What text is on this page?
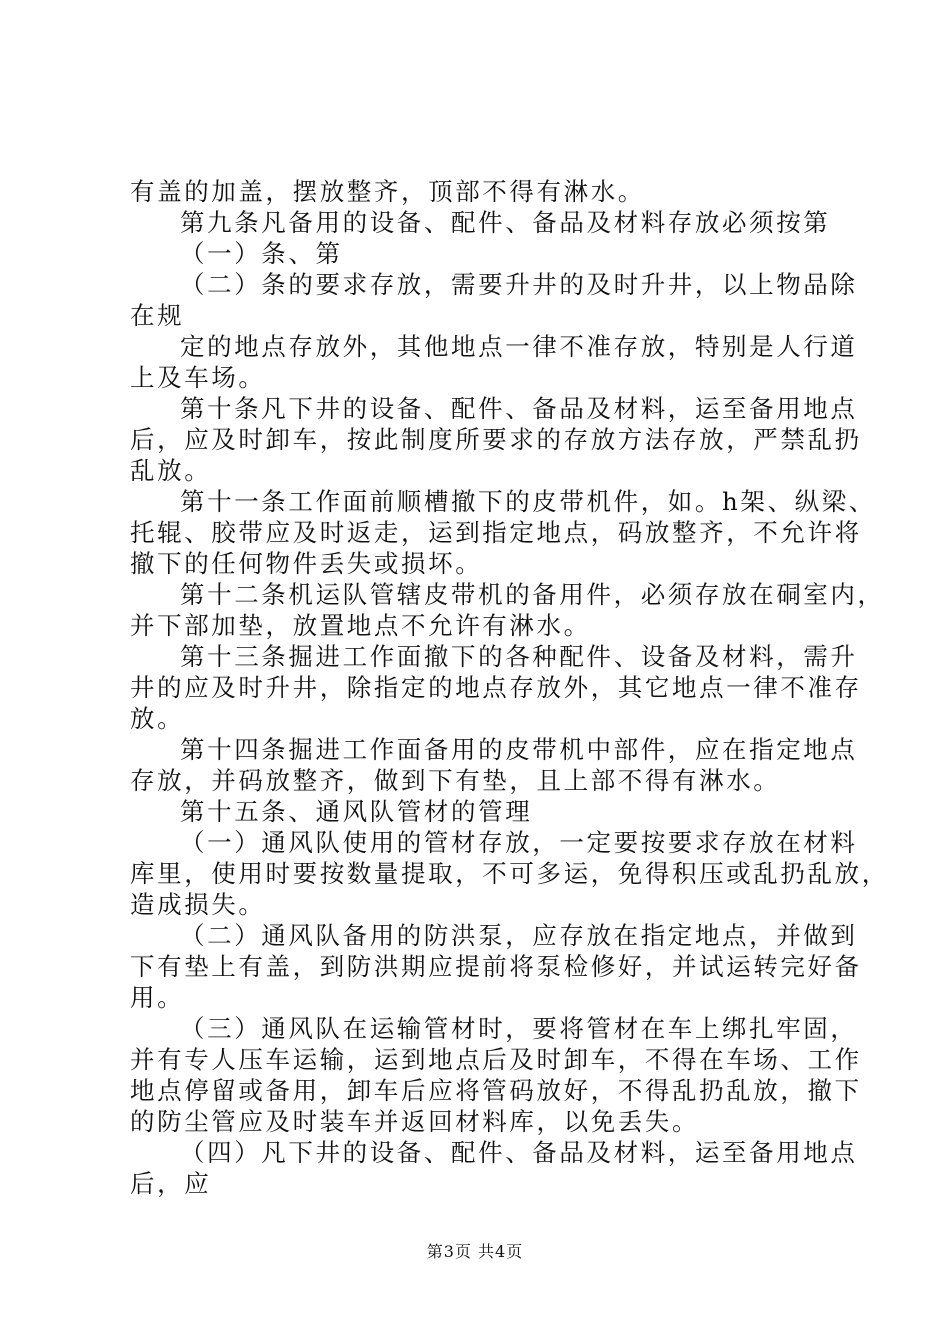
有盖的加盖，摆放整齐，顶部不得有淋水。
第九条凡备用的设备、配件、备品及材料存放必须按第
（一）条、第
（二）条的要求存放，需要升井的及时升井，以上物品除
在规
定的地点存放外，其他地点一律不准存放，特别是人行道
上及车场。
第十条凡下井的设备、配件、备品及材料，运至备用地点
后，应及时卸车，按此制度所要求的存放方法存放，严禁乱扔
乱放。
第十一条工作面前顺槽撤下的皮带机件，如。h架、纵梁、
托辊、胶带应及时返走，运到指定地点，码放整齐，不允许将
撤下的任何物件丢失或损坏。
第十二条机运队管辖皮带机的备用件，必须存放在硐室内，
并下部加垫，放置地点不允许有淋水。
第十三条掘进工作面撤下的各种配件、设备及材料，需升
井的应及时升井，除指定的地点存放外，其它地点一律不准存
放。
第十四条掘进工作面备用的皮带机中部件，应在指定地点
存放，并码放整齐，做到下有垫，且上部不得有淋水。
第十五条、通风队管材的管理
（一）通风队使用的管材存放，一定要按要求存放在材料
库里，使用时要按数量提取，不可多运，免得积压或乱扔乱放，
造成损失。
（二）通风队备用的防洪泵，应存放在指定地点，并做到
下有垫上有盖，到防洪期应提前将泵检修好，并试运转完好备
用。
（三）通风队在运输管材时，要将管材在车上绑扎牢固，
并有专人压车运输，运到地点后及时卸车，不得在车场、工作
地点停留或备用，卸车后应将管码放好，不得乱扔乱放，撤下
的防尘管应及时装车并返回材料库，以免丢失。
（四）凡下井的设备、配件、备品及材料，运至备用地点
后，应
第3页 共4页
